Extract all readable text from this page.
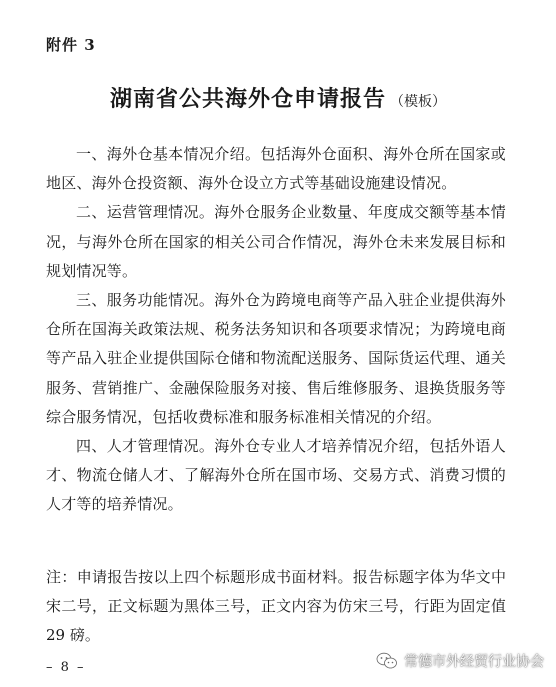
附件 3
湖南省公共海外仓申请报告 （模板）

一、海外仓基本情况介绍。包括海外仓面积、海外仓所在国家或地区、海外仓投资额、海外仓设立方式等基础设施建设情况。

二、运营管理情况。海外仓服务企业数量、年度成交额等基本情况，与海外仓所在国家的相关公司合作情况，海外仓未来发展目标和规划情况等。

三、服务功能情况。海外仓为跨境电商等产品入驻企业提供海外仓所在国海关政策法规、税务法务知识和各项要求情况；为跨境电商等产品入驻企业提供国际仓储和物流配送服务、国际货运代理、通关服务、营销推广、金融保险服务对接、售后维修服务、退换货服务等综合服务情况，包括收费标准和服务标准相关情况的介绍。

四、人才管理情况。海外仓专业人才培养情况介绍，包括外语人才、物流仓储人才、了解海外仓所在国市场、交易方式、消费习惯的人才等的培养情况。

注：申请报告按以上四个标题形成书面材料。报告标题字体为华文中宋二号，正文标题为黑体三号，正文内容为仿宋三号，行距为固定值 29 磅。

– 8 –	常德市外经贸行业协会
